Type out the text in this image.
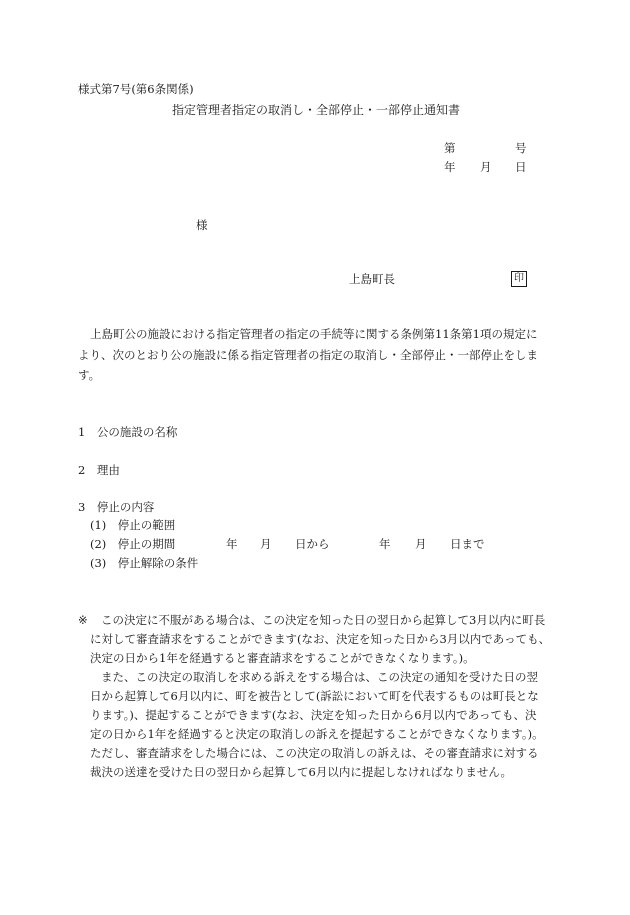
様式第7号(第6条関係)
指定管理者指定の取消し・全部停止・一部停止通知書
第	号
年 月 日
様
上島町長	印
上島町公の施設における指定管理者の指定の手続等に関する条例第11条第1項の規定に
より、次のとおり公の施設に係る指定管理者の指定の取消し・全部停止・一部停止をしま
す。
1　公の施設の名称
2　理由
3　停止の内容
(1)　停止の範囲
(2)　停止の期間	年 月 日から	年 月 日まで
(3)　停止解除の条件
※ この決定に不服がある場合は、この決定を知った日の翌日から起算して3月以内に町長
に対して審査請求をすることができます(なお、決定を知った日から3月以内であっても、
決定の日から1年を経過すると審査請求をすることができなくなります。)。
また、この決定の取消しを求める訴えをする場合は、この決定の通知を受けた日の翌
日から起算して6月以内に、町を被告として(訴訟において町を代表するものは町長とな
ります。)、提起することができます(なお、決定を知った日から6月以内であっても、決
定の日から1年を経過すると決定の取消しの訴えを提起することができなくなります。)。
ただし、審査請求をした場合には、この決定の取消しの訴えは、その審査請求に対する
裁決の送達を受けた日の翌日から起算して6月以内に提起しなければなりません。
